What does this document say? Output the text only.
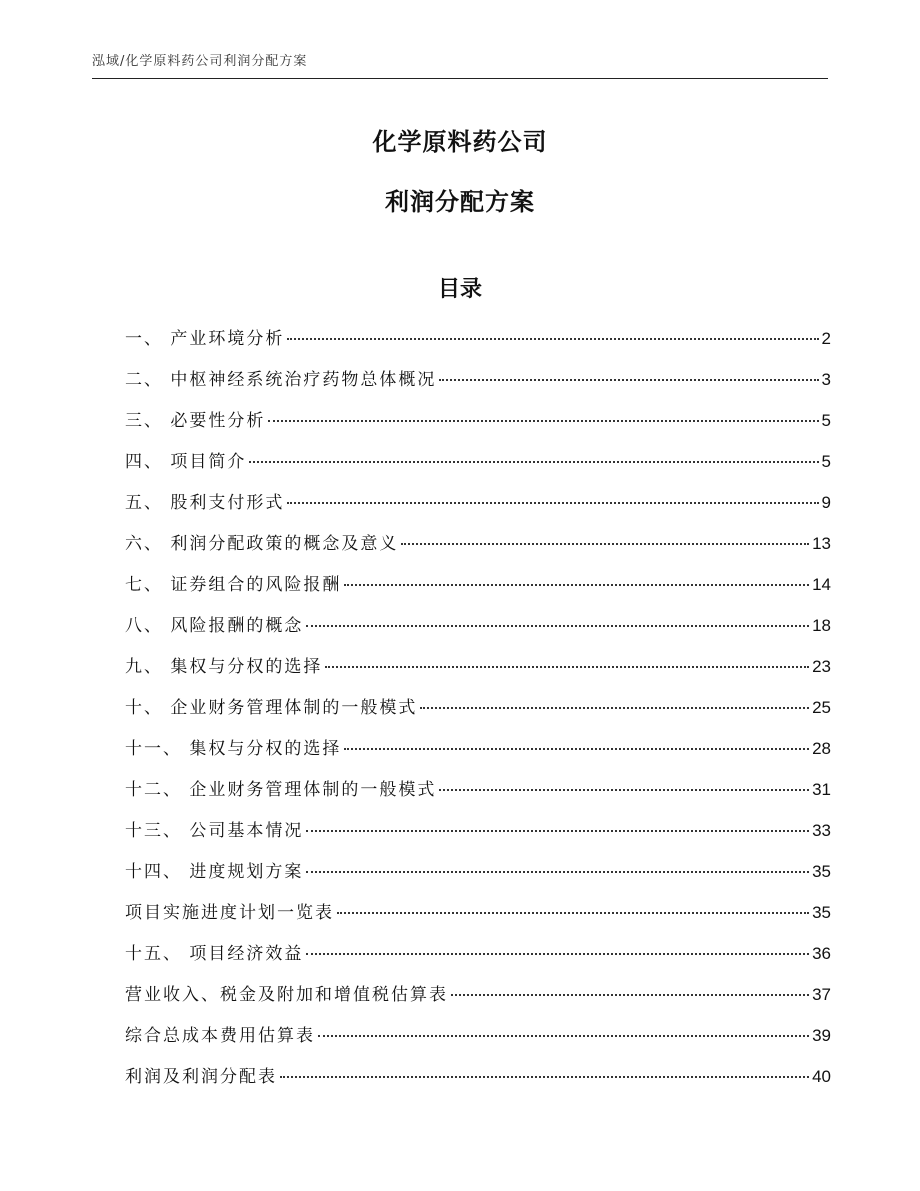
泓域/化学原料药公司利润分配方案
化学原料药公司
利润分配方案
目录
一、 产业环境分析	2
二、 中枢神经系统治疗药物总体概况	3
三、 必要性分析	5
四、 项目简介	5
五、 股利支付形式	9
六、 利润分配政策的概念及意义	13
七、 证券组合的风险报酬	14
八、 风险报酬的概念	18
九、 集权与分权的选择	23
十、 企业财务管理体制的一般模式	25
十一、 集权与分权的选择	28
十二、 企业财务管理体制的一般模式	31
十三、 公司基本情况	33
十四、 进度规划方案	35
项目实施进度计划一览表	35
十五、 项目经济效益	36
营业收入、税金及附加和增值税估算表	37
综合总成本费用估算表	39
利润及利润分配表	40
